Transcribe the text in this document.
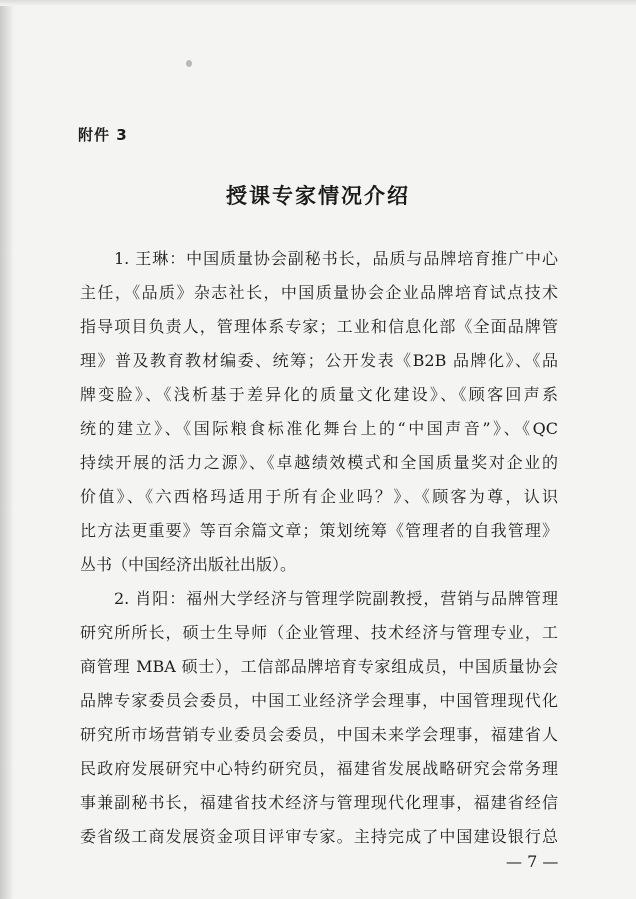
附件 3
授课专家情况介绍
1. 王琳：中国质量协会副秘书长，品质与品牌培育推广中心
主任，《品质》杂志社长，中国质量协会企业品牌培育试点技术
指导项目负责人，管理体系专家；工业和信息化部《全面品牌管
理》普及教育教材编委、统筹；公开发表《B2B 品牌化》、《品
牌变脸》、《浅析基于差异化的质量文化建设》、《顾客回声系
统的建立》、《国际粮食标准化舞台上的“中国声音”》、《QC
持续开展的活力之源》、《卓越绩效模式和全国质量奖对企业的
价值》、《六西格玛适用于所有企业吗？》、《顾客为尊，认识
比方法更重要》等百余篇文章；策划统筹《管理者的自我管理》
丛书（中国经济出版社出版）。
2. 肖阳：福州大学经济与管理学院副教授，营销与品牌管理
研究所所长，硕士生导师（企业管理、技术经济与管理专业，工
商管理 MBA 硕士），工信部品牌培育专家组成员，中国质量协会
品牌专家委员会委员，中国工业经济学会理事，中国管理现代化
研究所市场营销专业委员会委员，中国未来学会理事，福建省人
民政府发展研究中心特约研究员，福建省发展战略研究会常务理
事兼副秘书长，福建省技术经济与管理现代化理事，福建省经信
委省级工商发展资金项目评审专家。主持完成了中国建设银行总
— 7 —
